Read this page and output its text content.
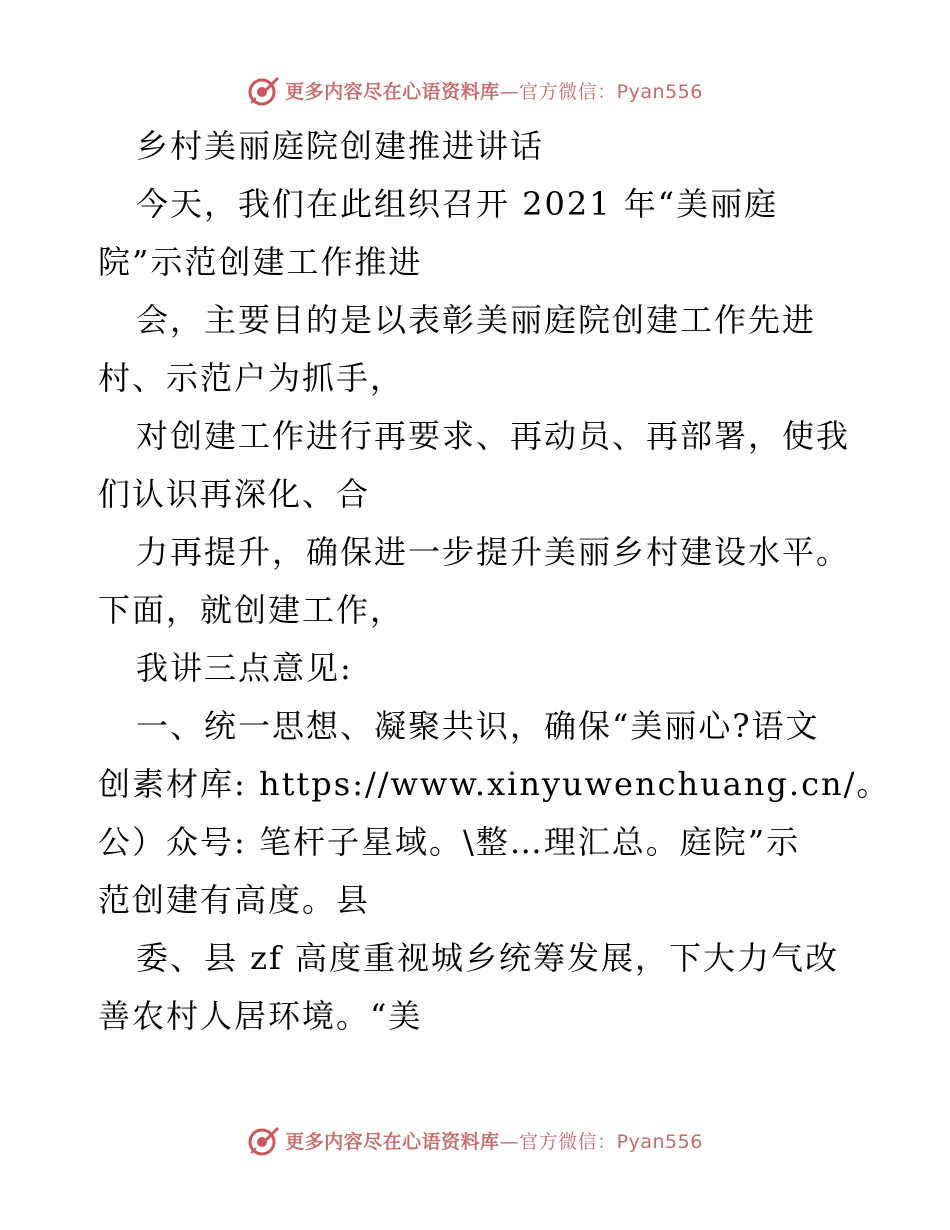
更多内容尽在心语资料库—官方微信：Pyan556
乡村美丽庭院创建推进讲话
今天，我们在此组织召开 2021 年“美丽庭
院”示范创建工作推进
会，主要目的是以表彰美丽庭院创建工作先进
村、示范户为抓手，
对创建工作进行再要求、再动员、再部署，使我
们认识再深化、合
力再提升，确保进一步提升美丽乡村建设水平。
下面，就创建工作，
我讲三点意见:
一、统一思想、凝聚共识，确保“美丽心?语文
创素材库: https://www.xinyuwenchuang.cn/。
公）众号: 笔杆子星域。\整…理汇总。庭院”示
范创建有高度。县
委、县 zf 高度重视城乡统筹发展，下大力气改
善农村人居环境。“美
更多内容尽在心语资料库—官方微信：Pyan556
